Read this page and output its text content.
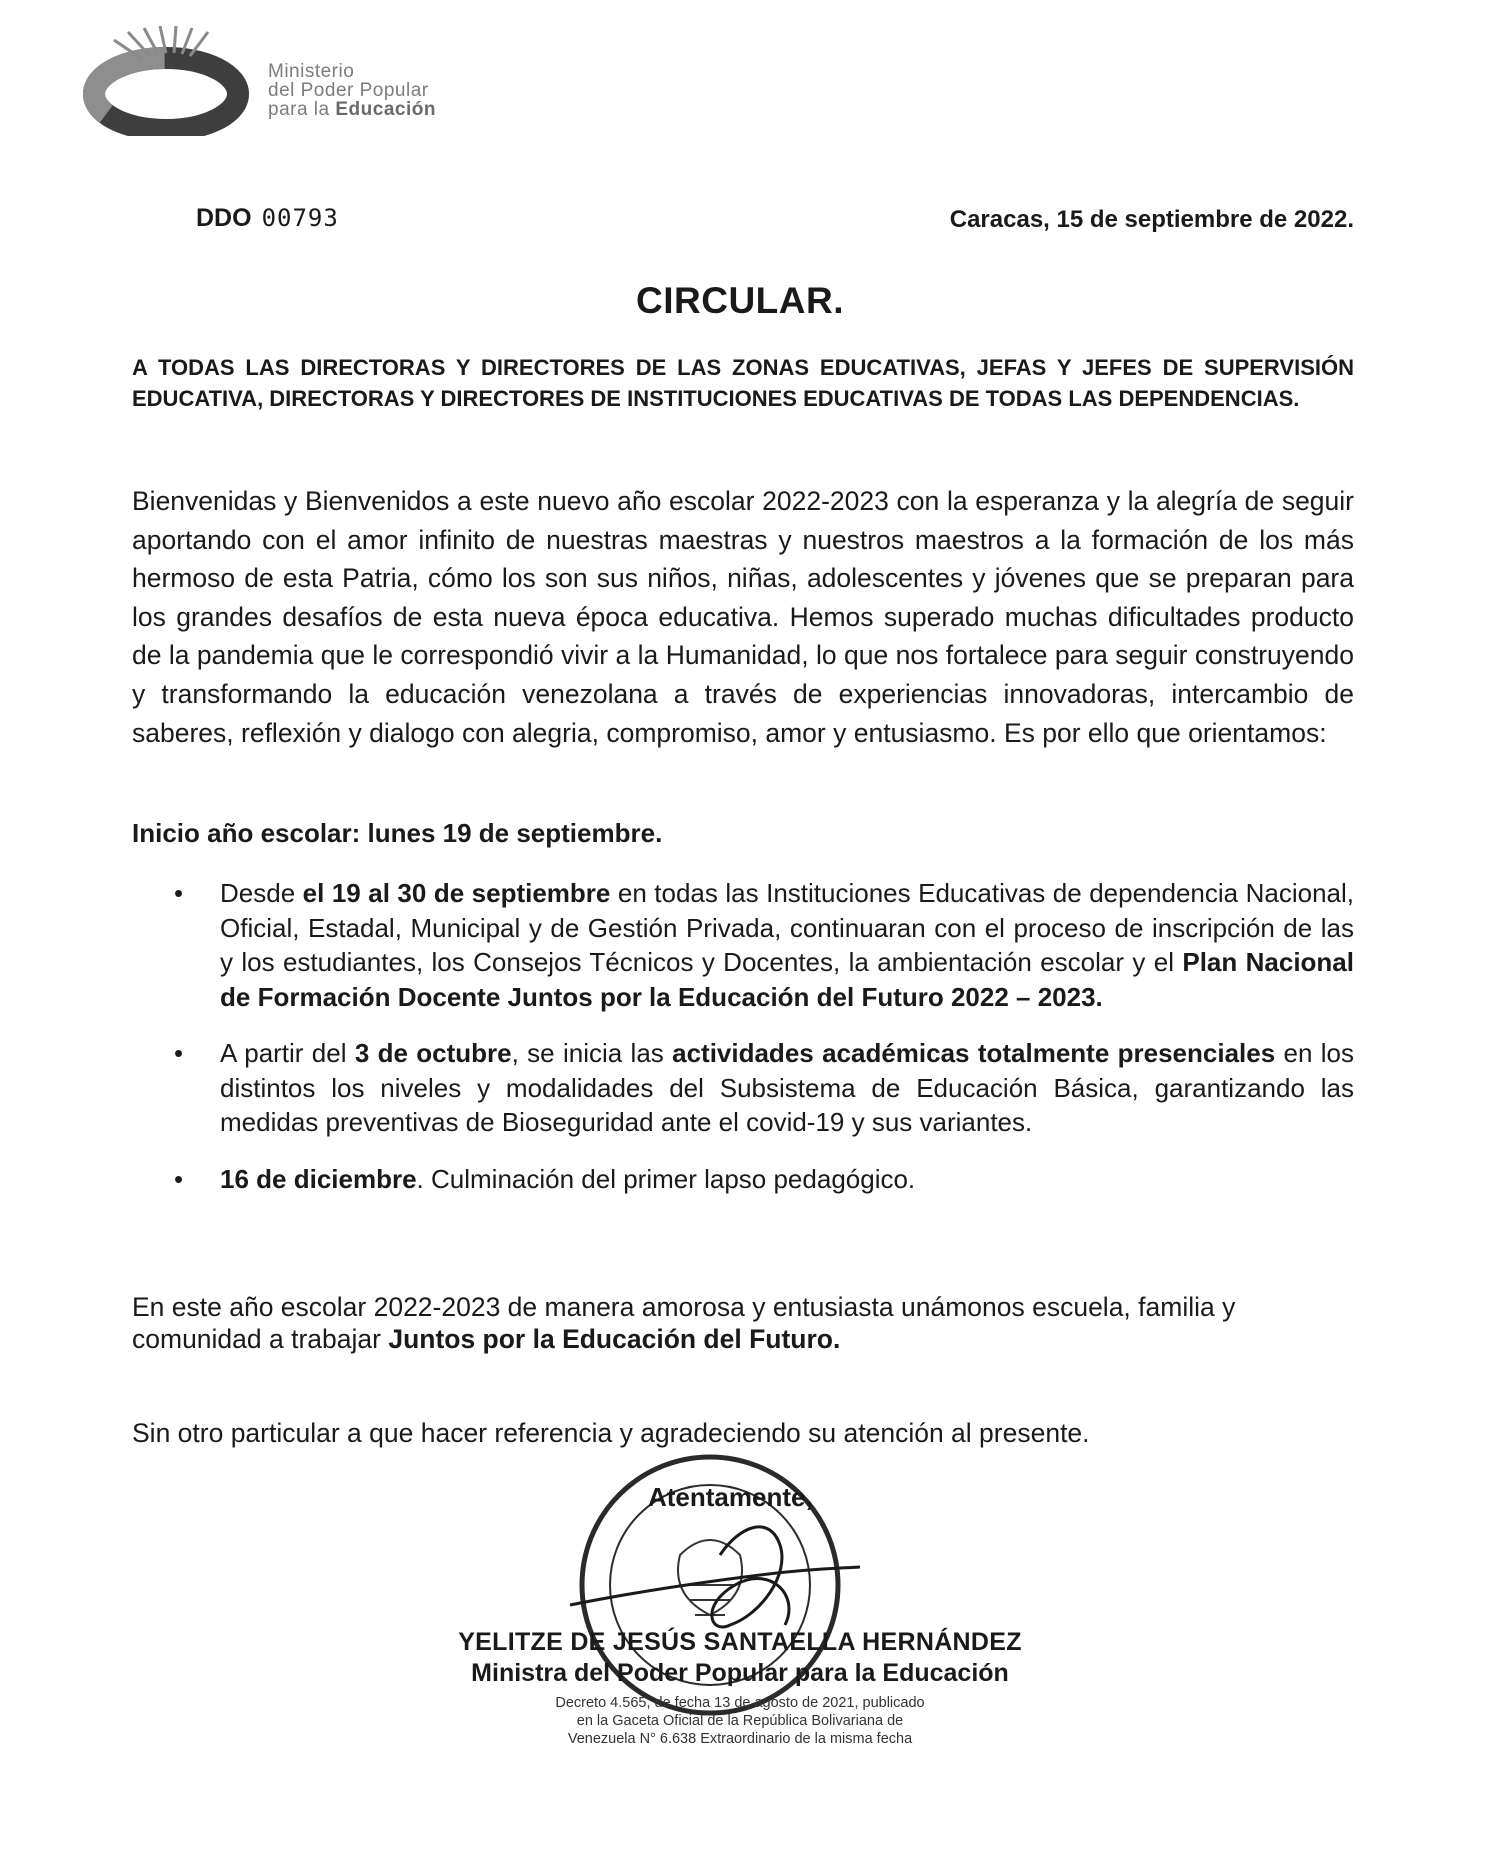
Ministerio
del Poder Popular
para la Educación
DDO 00793	Caracas, 15 de septiembre de 2022.
CIRCULAR.
A TODAS LAS DIRECTORAS Y DIRECTORES DE LAS ZONAS EDUCATIVAS, JEFAS Y JEFES DE SUPERVISIÓN EDUCATIVA, DIRECTORAS Y DIRECTORES DE INSTITUCIONES EDUCATIVAS DE TODAS LAS DEPENDENCIAS.
Bienvenidas y Bienvenidos a este nuevo año escolar 2022-2023 con la esperanza y la alegría de seguir aportando con el amor infinito de nuestras maestras y nuestros maestros a la formación de los más hermoso de esta Patria, cómo los son sus niños, niñas, adolescentes y jóvenes que se preparan para los grandes desafíos de esta nueva época educativa. Hemos superado muchas dificultades producto de la pandemia que le correspondió vivir a la Humanidad, lo que nos fortalece para seguir construyendo y transformando la educación venezolana a través de experiencias innovadoras, intercambio de saberes, reflexión y dialogo con alegria, compromiso, amor y entusiasmo. Es por ello que orientamos:
Inicio año escolar: lunes 19 de septiembre.
• Desde el 19 al 30 de septiembre en todas las Instituciones Educativas de dependencia Nacional, Oficial, Estadal, Municipal y de Gestión Privada, continuaran con el proceso de inscripción de las y los estudiantes, los Consejos Técnicos y Docentes, la ambientación escolar y el Plan Nacional de Formación Docente Juntos por la Educación del Futuro 2022 – 2023.
• A partir del 3 de octubre, se inicia las actividades académicas totalmente presenciales en los distintos los niveles y modalidades del Subsistema de Educación Básica, garantizando las medidas preventivas de Bioseguridad ante el covid-19 y sus variantes.
• 16 de diciembre. Culminación del primer lapso pedagógico.
En este año escolar 2022-2023 de manera amorosa y entusiasta unámonos escuela, familia y comunidad a trabajar Juntos por la Educación del Futuro.
Sin otro particular a que hacer referencia y agradeciendo su atención al presente.
Atentamente,
YELITZE DE JESÚS SANTAELLA HERNÁNDEZ
Ministra del Poder Popular para la Educación
Decreto 4.565, de fecha 13 de agosto de 2021, publicado
en la Gaceta Oficial de la República Bolivariana de
Venezuela N° 6.638 Extraordinario de la misma fecha
